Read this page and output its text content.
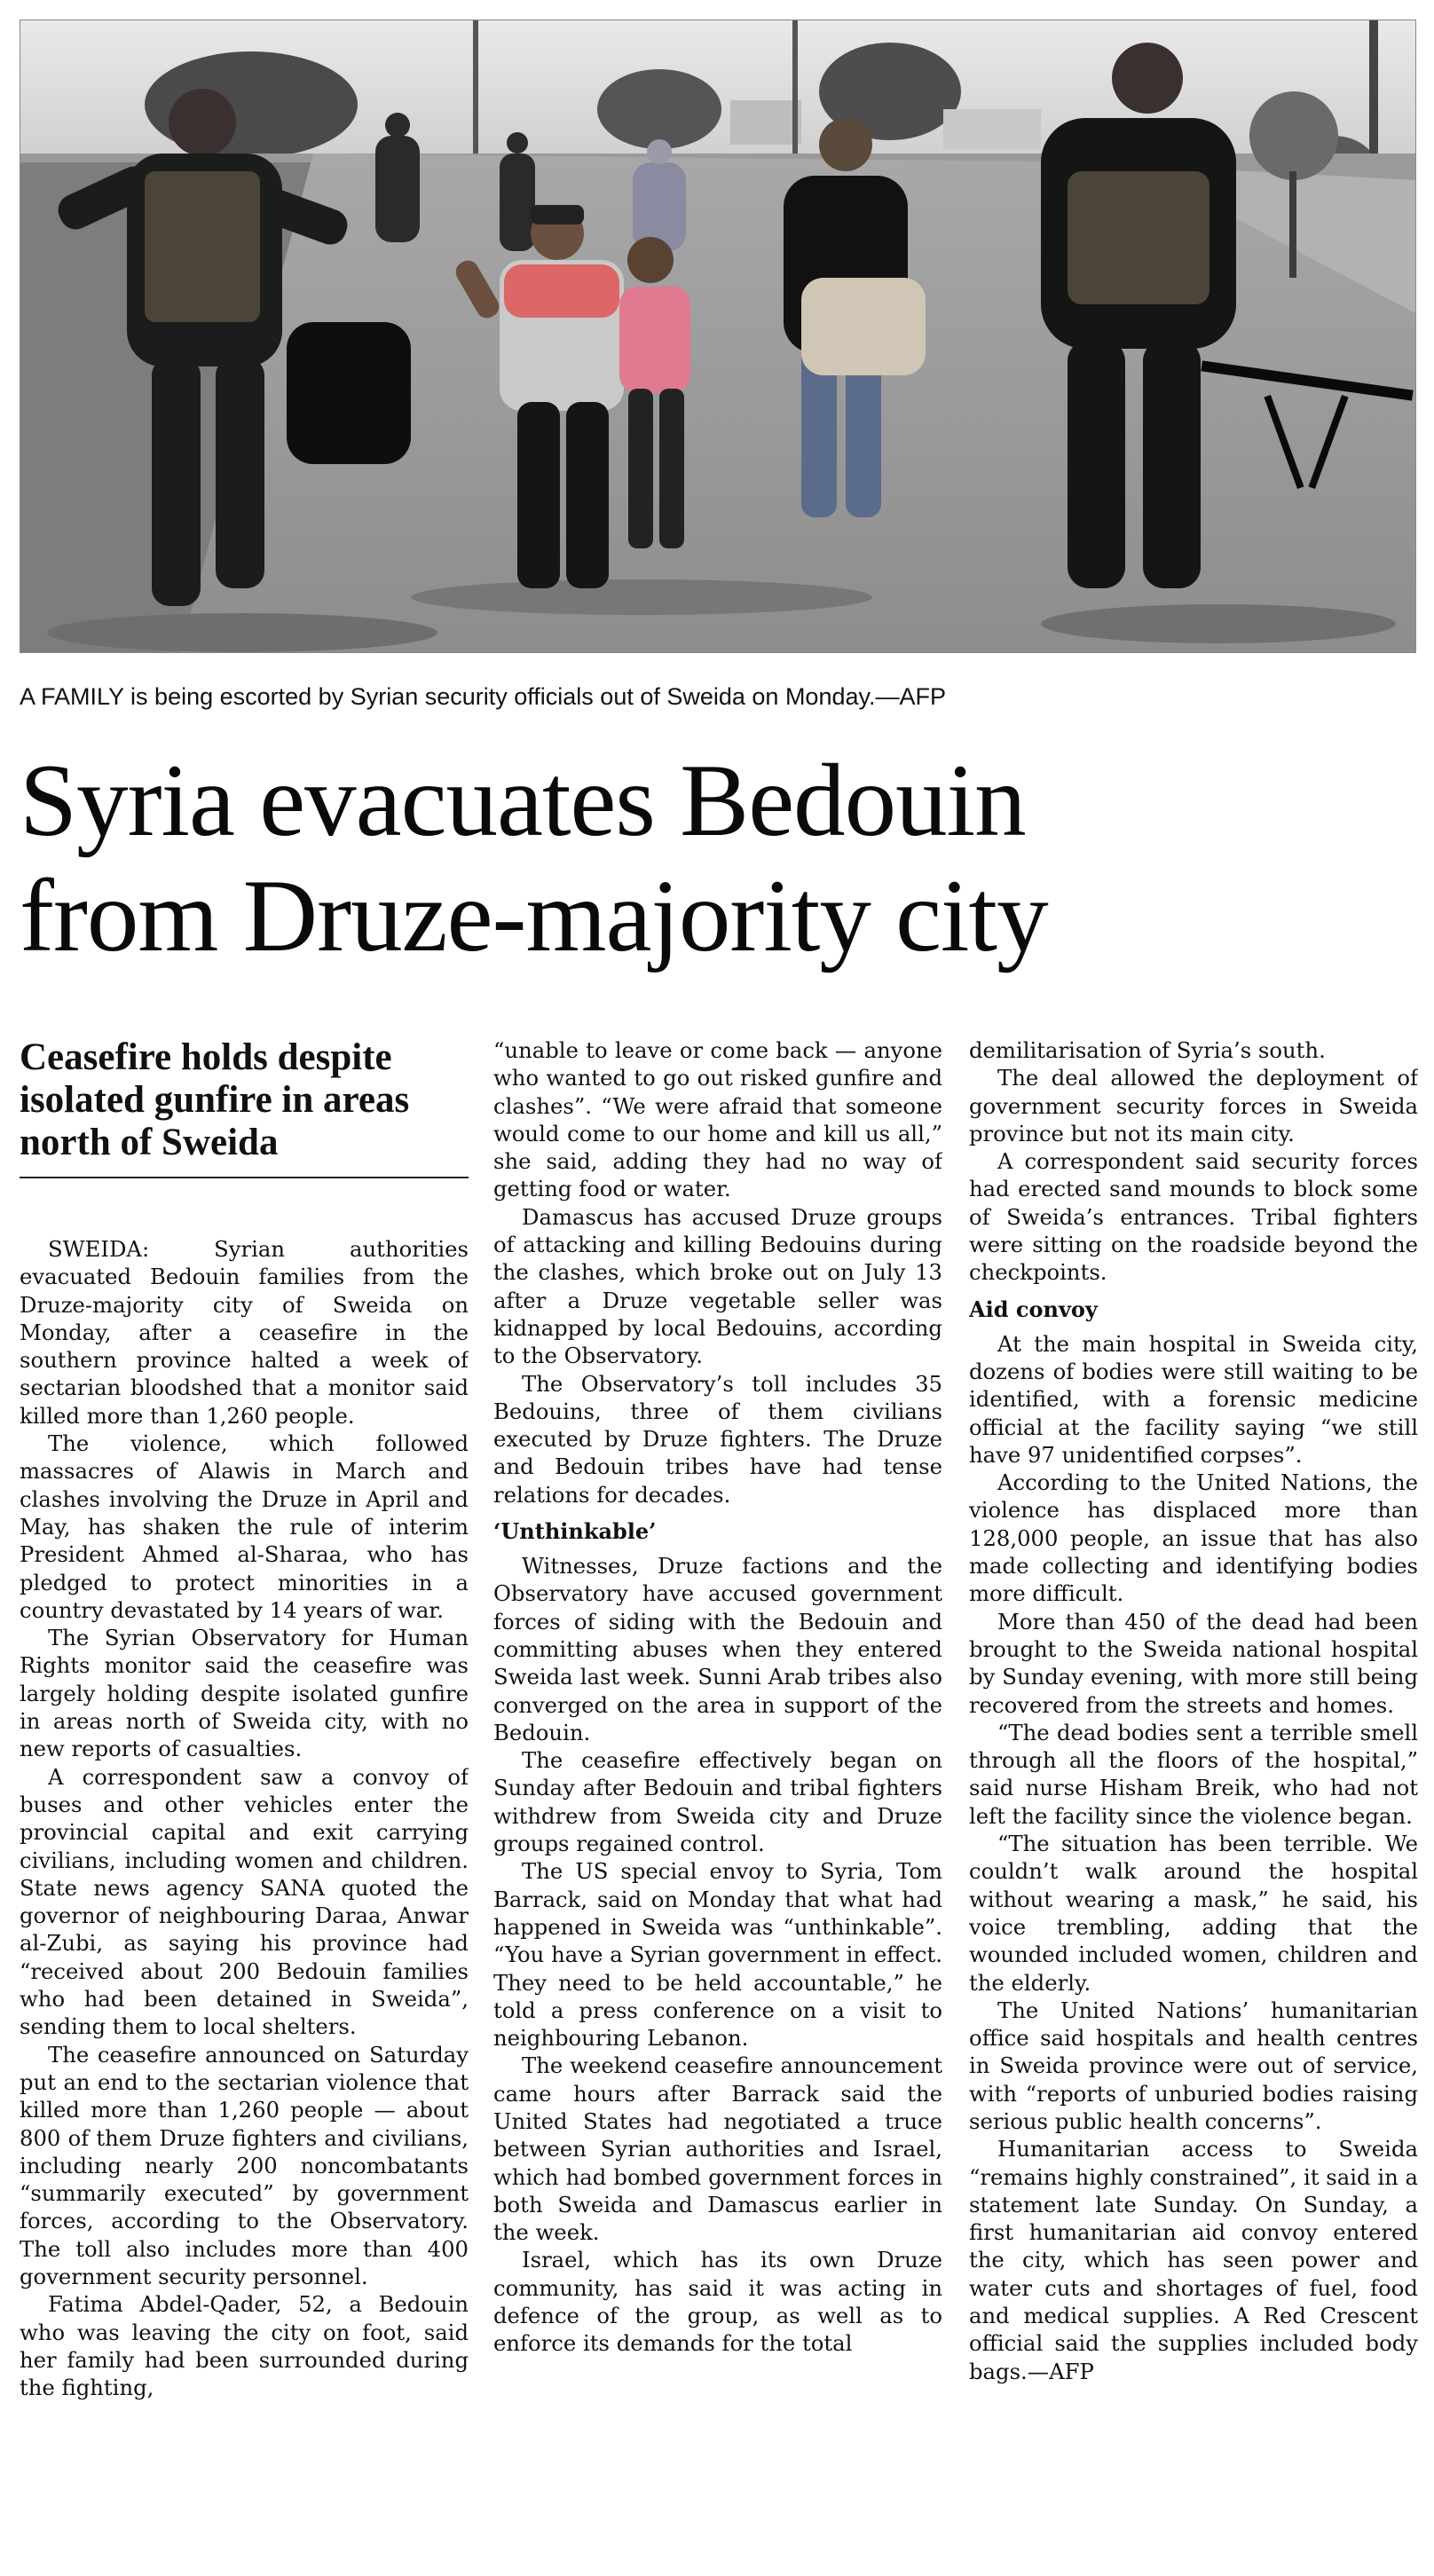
A FAMILY is being escorted by Syrian security officials out of Sweida on Monday.—AFP
Syria evacuates Bedouin
from Druze-majority city
Ceasefire holds despite isolated gunfire in areas north of Sweida

SWEIDA: Syrian authorities evacuated Bedouin families from the Druze-majority city of Sweida on Monday, after a ceasefire in the southern province halted a week of sectarian bloodshed that a monitor said killed more than 1,260 people.

The violence, which followed massacres of Alawis in March and clashes involving the Druze in April and May, has shaken the rule of interim President Ahmed al-Sharaa, who has pledged to protect minorities in a country devastated by 14 years of war.

The Syrian Observatory for Human Rights monitor said the ceasefire was largely holding despite isolated gunfire in areas north of Sweida city, with no new reports of casualties.

A correspondent saw a convoy of buses and other vehicles enter the provincial capital and exit carrying civilians, including women and children. State news agency SANA quoted the governor of neighbouring Daraa, Anwar al-Zubi, as saying his province had “received about 200 Bedouin families who had been detained in Sweida”, sending them to local shelters.

The ceasefire announced on Saturday put an end to the sectarian violence that killed more than 1,260 people — about 800 of them Druze fighters and civilians, including nearly 200 noncombatants “summarily executed” by government forces, according to the Observatory. The toll also includes more than 400 government security personnel.

Fatima Abdel-Qader, 52, a Bedouin who was leaving the city on foot, said her family had been surrounded during the fighting,

“unable to leave or come back — anyone who wanted to go out risked gunfire and clashes”. “We were afraid that someone would come to our home and kill us all,” she said, adding they had no way of getting food or water.

Damascus has accused Druze groups of attacking and killing Bedouins during the clashes, which broke out on July 13 after a Druze vegetable seller was kidnapped by local Bedouins, according to the Observatory.

The Observatory’s toll includes 35 Bedouins, three of them civilians executed by Druze fighters. The Druze and Bedouin tribes have had tense relations for decades.

‘Unthinkable’

Witnesses, Druze factions and the Observatory have accused government forces of siding with the Bedouin and committing abuses when they entered Sweida last week. Sunni Arab tribes also converged on the area in support of the Bedouin.

The ceasefire effectively began on Sunday after Bedouin and tribal fighters withdrew from Sweida city and Druze groups regained control.

The US special envoy to Syria, Tom Barrack, said on Monday that what had happened in Sweida was “unthinkable”. “You have a Syrian government in effect. They need to be held accountable,” he told a press conference on a visit to neighbouring Lebanon.

The weekend ceasefire announcement came hours after Barrack said the United States had negotiated a truce between Syrian authorities and Israel, which had bombed government forces in both Sweida and Damascus earlier in the week.

Israel, which has its own Druze community, has said it was acting in defence of the group, as well as to enforce its demands for the total

demilitarisation of Syria’s south.

The deal allowed the deployment of government security forces in Sweida province but not its main city.

A correspondent said security forces had erected sand mounds to block some of Sweida’s entrances. Tribal fighters were sitting on the roadside beyond the checkpoints.

Aid convoy

At the main hospital in Sweida city, dozens of bodies were still waiting to be identified, with a forensic medicine official at the facility saying “we still have 97 unidentified corpses”.

According to the United Nations, the violence has displaced more than 128,000 people, an issue that has also made collecting and identifying bodies more difficult.

More than 450 of the dead had been brought to the Sweida national hospital by Sunday evening, with more still being recovered from the streets and homes.

“The dead bodies sent a terrible smell through all the floors of the hospital,” said nurse Hisham Breik, who had not left the facility since the violence began.

“The situation has been terrible. We couldn’t walk around the hospital without wearing a mask,” he said, his voice trembling, adding that the wounded included women, children and the elderly.

The United Nations’ humanitarian office said hospitals and health centres in Sweida province were out of service, with “reports of unburied bodies raising serious public health concerns”.

Humanitarian access to Sweida “remains highly constrained”, it said in a statement late Sunday. On Sunday, a first humanitarian aid convoy entered the city, which has seen power and water cuts and shortages of fuel, food and medical supplies. A Red Crescent official said the supplies included body bags.—AFP
